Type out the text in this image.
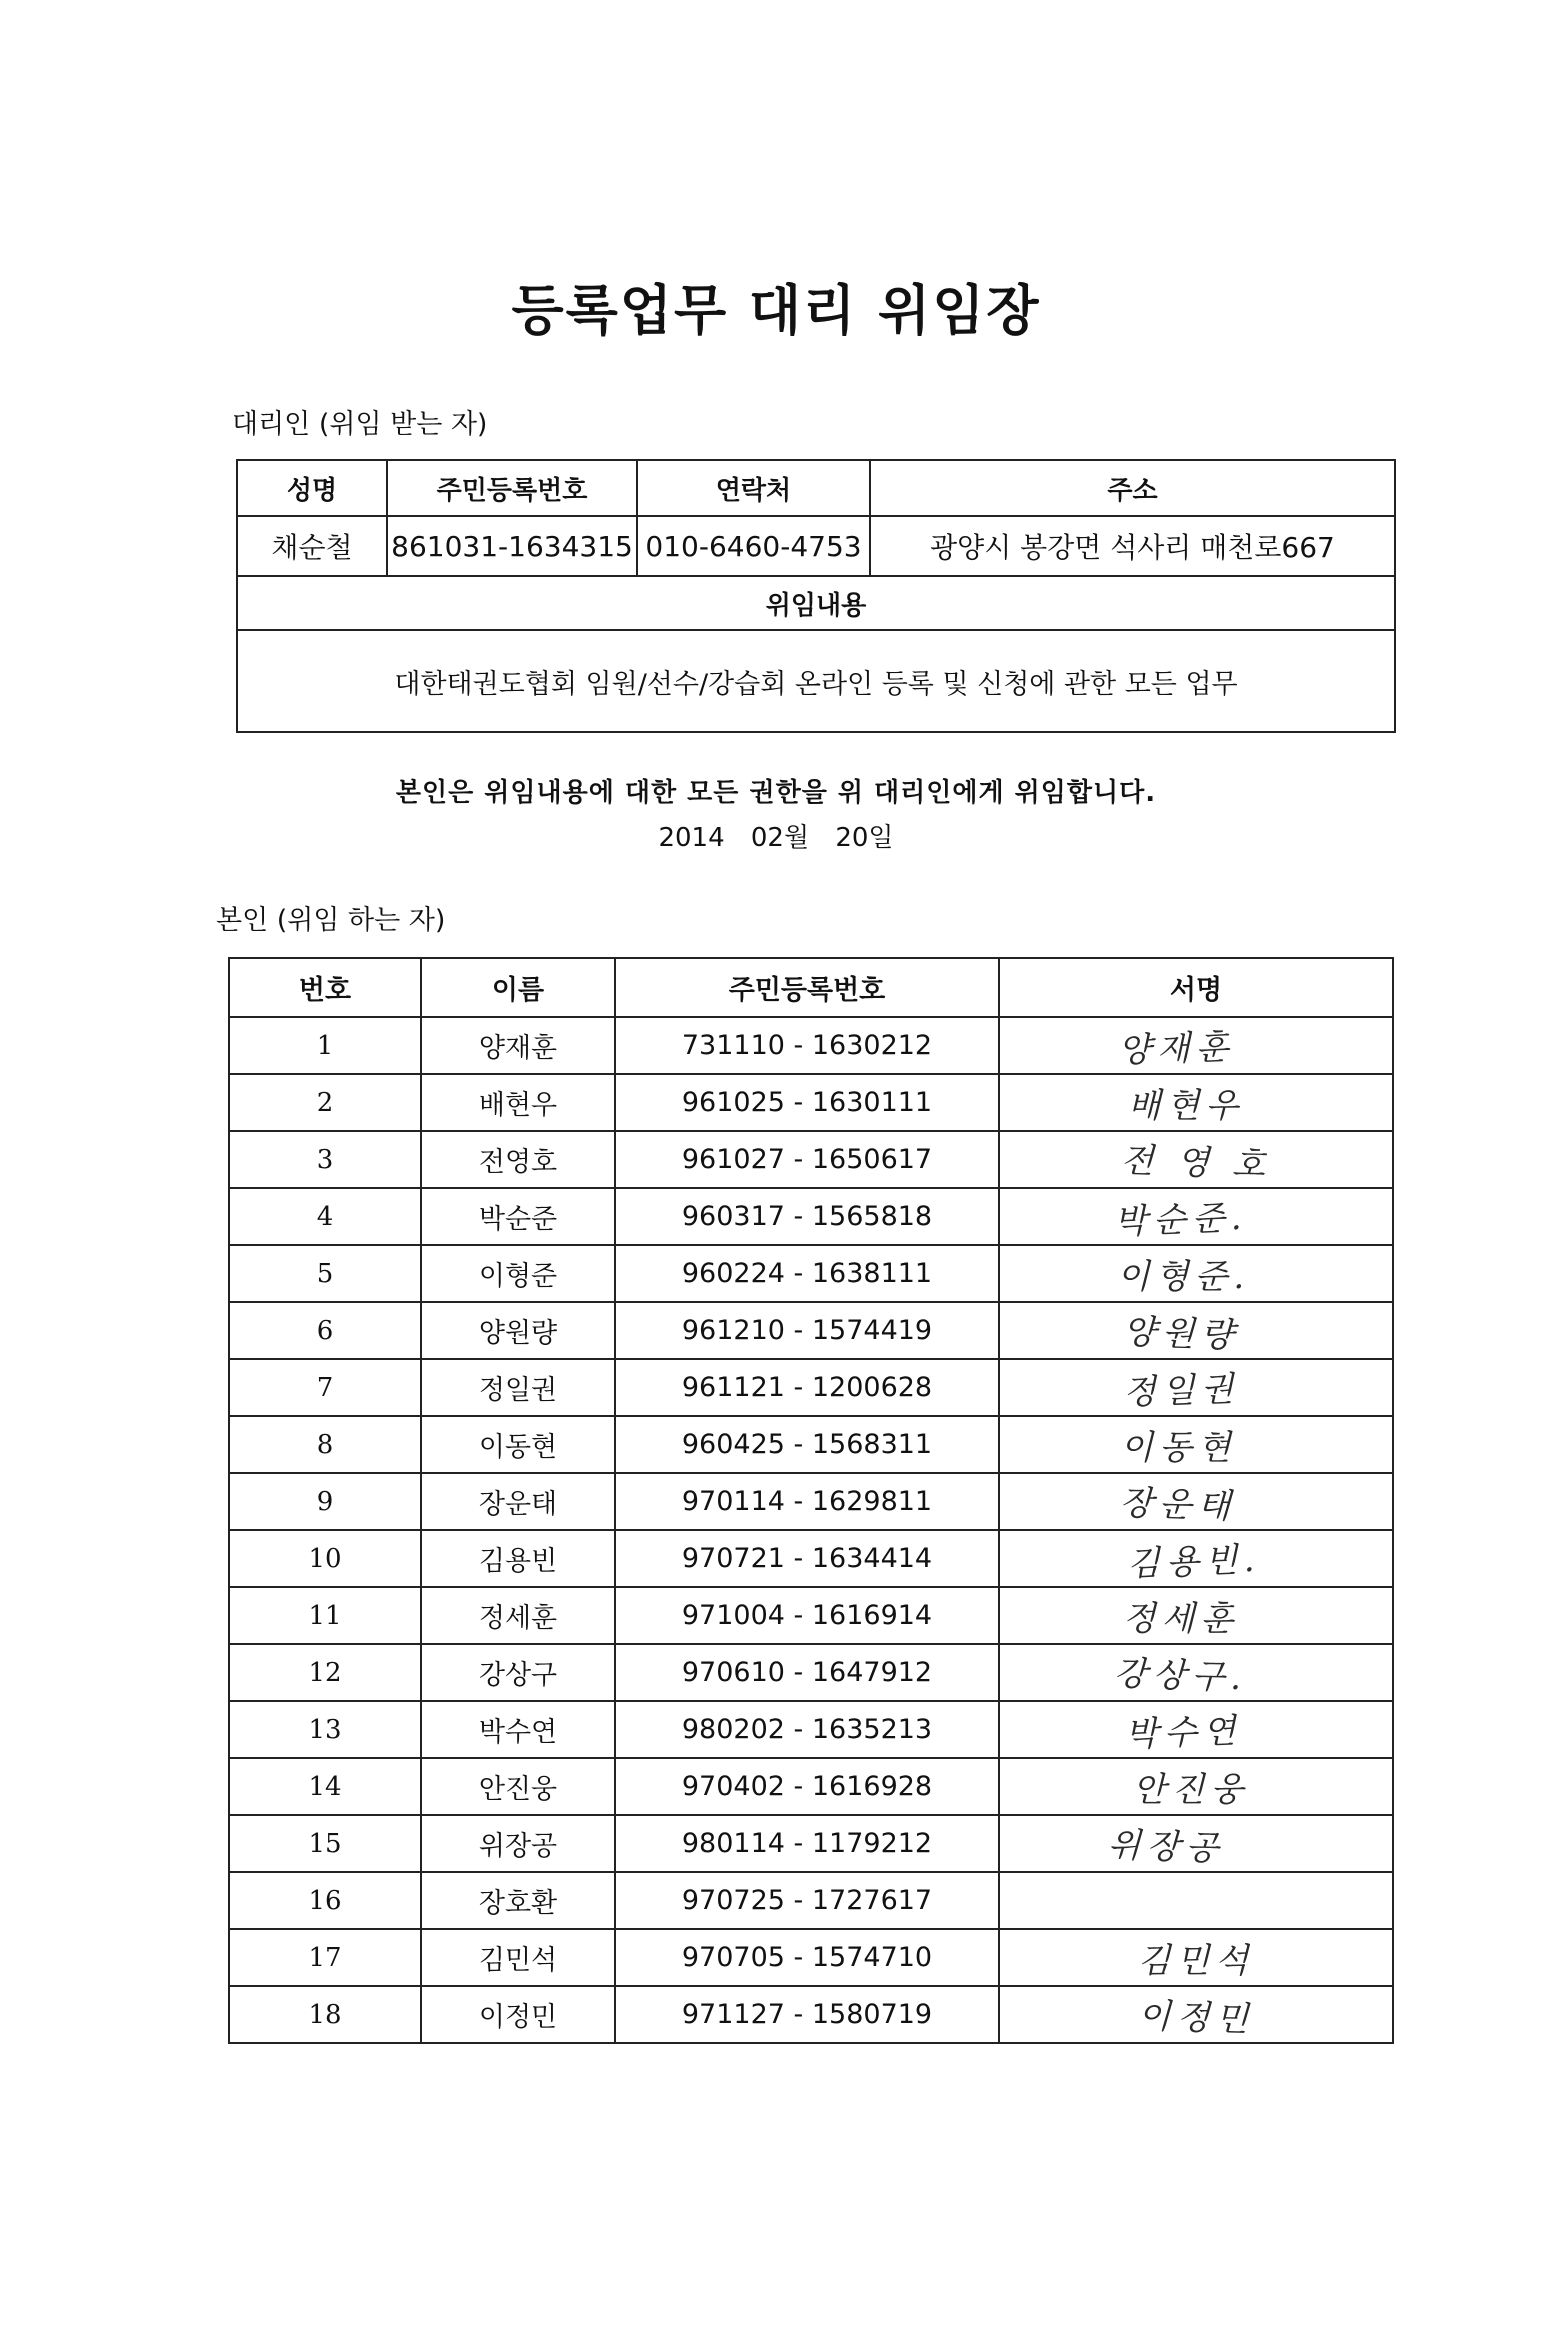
등록업무 대리 위임장
대리인 (위임 받는 자)
성명	주민등록번호	연락처	주소
채순철	861031-1634315	010-6460-4753	광양시 봉강면 석사리 매천로667
위임내용			
대한태권도협회 임원/선수/강습회 온라인 등록 및 신청에 관한 모든 업무			
본인은 위임내용에 대한 모든 권한을 위 대리인에게 위임합니다.
2014 02월 20일
본인 (위임 하는 자)
번호	이름	주민등록번호	서명
1	양재훈	731110 - 1630212	양재훈
2	배현우	961025 - 1630111	배현우
3	전영호	961027 - 1650617	전 영 호
4	박순준	960317 - 1565818	박순준.
5	이형준	960224 - 1638111	이형준.
6	양원량	961210 - 1574419	양원량
7	정일권	961121 - 1200628	정일권
8	이동현	960425 - 1568311	이동현
9	장운태	970114 - 1629811	장운태
10	김용빈	970721 - 1634414	김용빈.
11	정세훈	971004 - 1616914	정세훈
12	강상구	970610 - 1647912	강상구.
13	박수연	980202 - 1635213	박수연
14	안진웅	970402 - 1616928	안진웅
15	위장공	980114 - 1179212	위장공
16	장호환	970725 - 1727617	
17	김민석	970705 - 1574710	김민석
18	이정민	971127 - 1580719	이정민
